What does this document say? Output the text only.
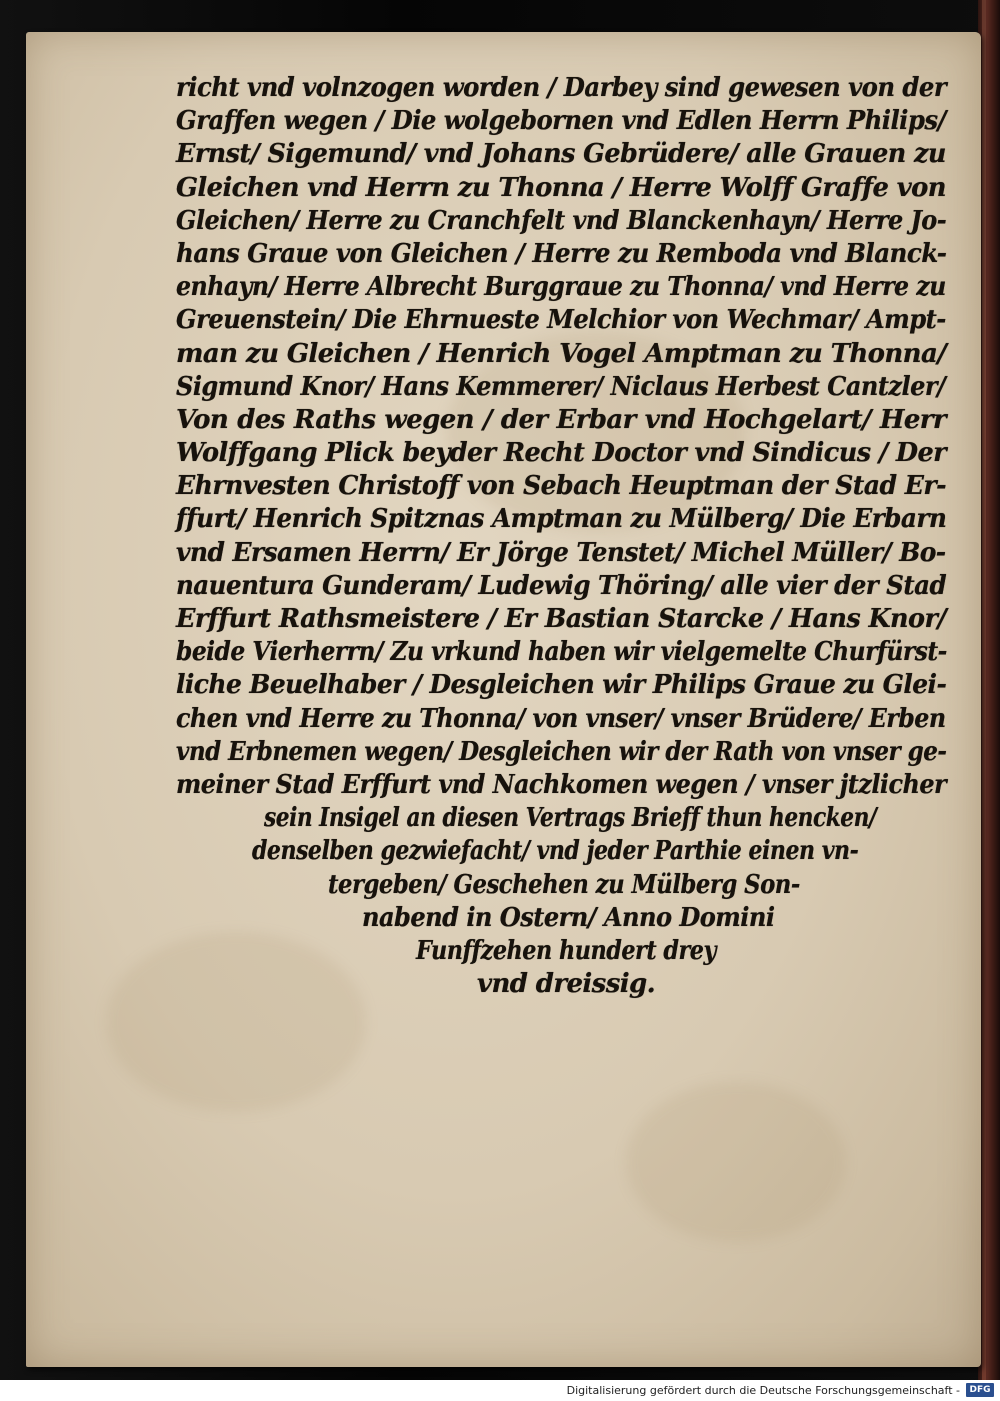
richt vnd volnzogen worden / Darbey sind gewesen von der
Graffen wegen / Die wolgebornen vnd Edlen Herrn Philips/
Ernst/ Sigemund/ vnd Johans Gebrüdere/ alle Grauen zu
Gleichen vnd Herrn zu Thonna / Herre Wolff Graffe von
Gleichen/ Herre zu Cranchfelt vnd Blanckenhayn/ Herre Jo-
hans Graue von Gleichen / Herre zu Remboda vnd Blanck-
enhayn/ Herre Albrecht Burggraue zu Thonna/ vnd Herre zu
Greuenstein/ Die Ehrnueste Melchior von Wechmar/ Ampt-
man zu Gleichen / Henrich Vogel Amptman zu Thonna/
Sigmund Knor/ Hans Kemmerer/ Niclaus Herbest Cantzler/
Von des Raths wegen / der Erbar vnd Hochgelart/ Herr
Wolffgang Plick beyder Recht Doctor vnd Sindicus / Der
Ehrnvesten Christoff von Sebach Heuptman der Stad Er-
ffurt/ Henrich Spitznas Amptman zu Mülberg/ Die Erbarn
vnd Ersamen Herrn/ Er Jörge Tenstet/ Michel Müller/ Bo-
nauentura Gunderam/ Ludewig Thöring/ alle vier der Stad
Erffurt Rathsmeistere / Er Bastian Starcke / Hans Knor/
beide Vierherrn/ Zu vrkund haben wir vielgemelte Churfürst-
liche Beuelhaber / Desgleichen wir Philips Graue zu Glei-
chen vnd Herre zu Thonna/ von vnser/ vnser Brüdere/ Erben
vnd Erbnemen wegen/ Desgleichen wir der Rath von vnser ge-
meiner Stad Erffurt vnd Nachkomen wegen / vnser jtzlicher
sein Insigel an diesen Vertrags Brieff thun hencken/
denselben gezwiefacht/ vnd jeder Parthie einen vn-
tergeben/ Geschehen zu Mülberg Son-
nabend in Ostern/ Anno Domini
Funffzehen hundert drey
vnd dreissig.
Digitalisierung gefördert durch die Deutsche Forschungsgemeinschaft -	DFG
